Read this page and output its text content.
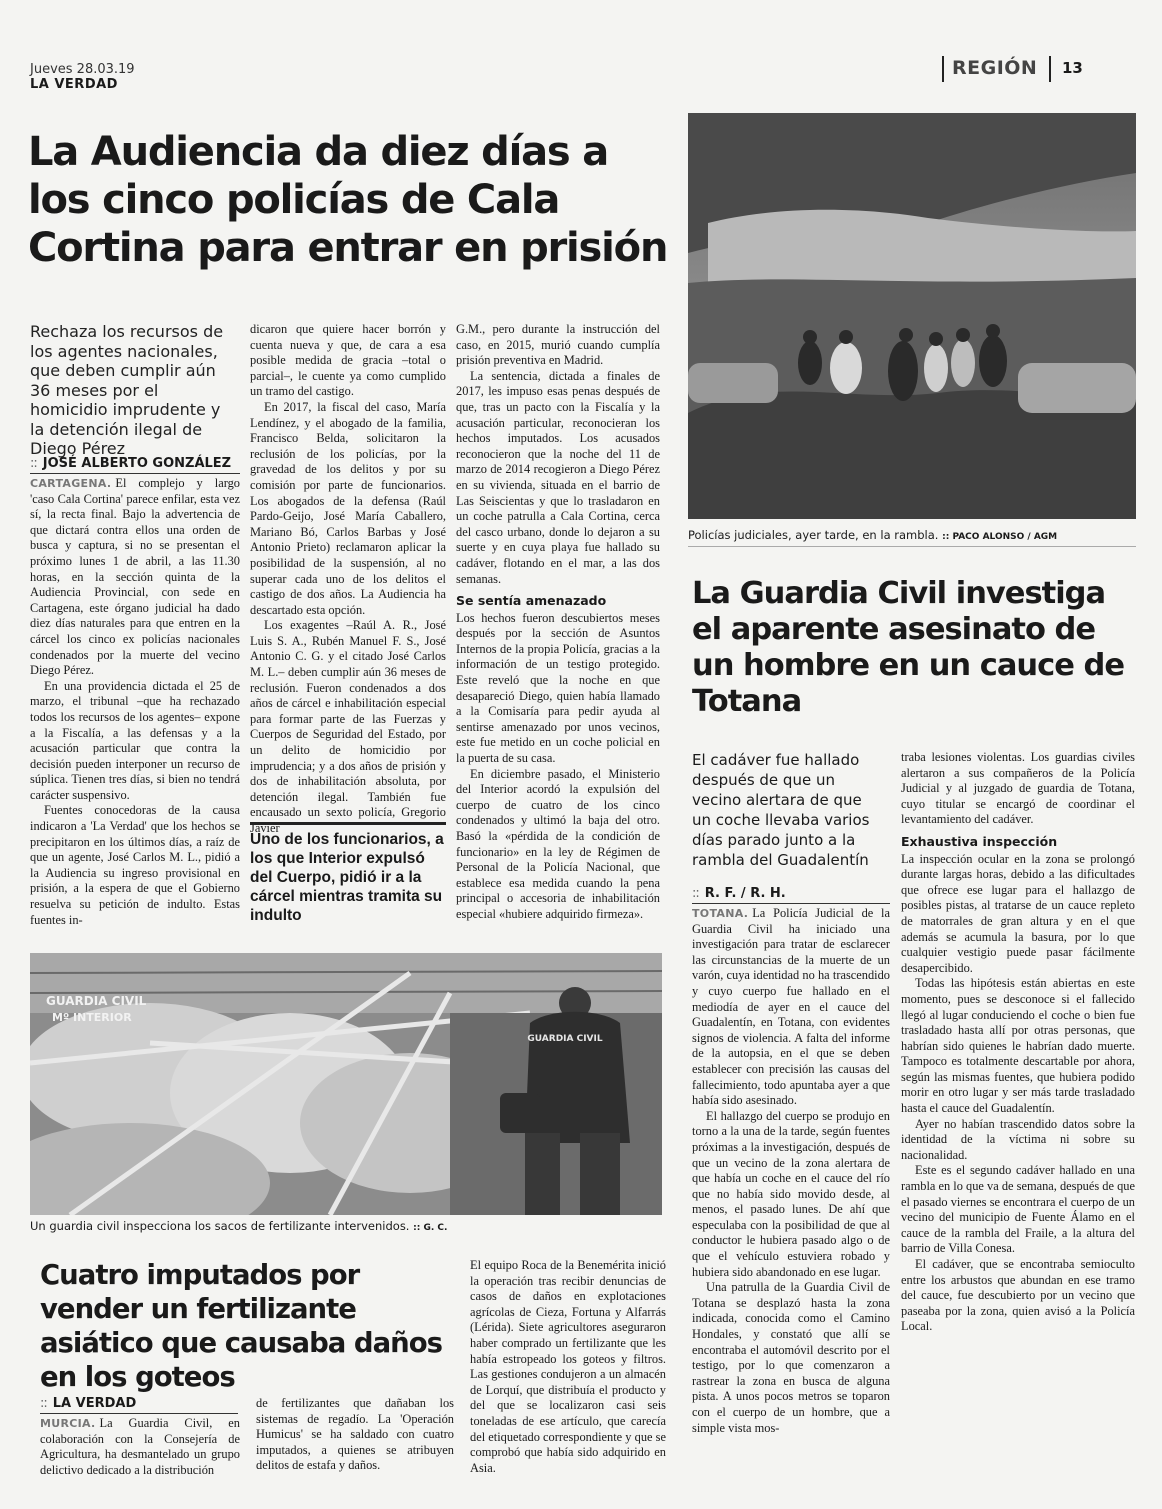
Jueves 28.03.19
LA VERDAD
REGIÓN 13
La Audiencia da diez días a los cinco policías de Cala Cortina para entrar en prisión
Rechaza los recursos de los agentes nacionales, que deben cumplir aún 36 meses por el homicidio imprudente y la detención ilegal de Diego Pérez
:: JOSÉ ALBERTO GONZÁLEZ

CARTAGENA. El complejo y largo 'caso Cala Cortina' parece enfilar, esta vez sí, la recta final. Bajo la advertencia de que dictará contra ellos una orden de busca y captura, si no se presentan el próximo lunes 1 de abril, a las 11.30 horas, en la sección quinta de la Audiencia Provincial, con sede en Cartagena, este órgano judicial ha dado diez días naturales para que entren en la cárcel los cinco ex policías nacionales condenados por la muerte del vecino Diego Pérez.

En una providencia dictada el 25 de marzo, el tribunal –que ha rechazado todos los recursos de los agentes– expone a la Fiscalía, a las defensas y a la acusación particular que contra la decisión pueden interponer un recurso de súplica. Tienen tres días, si bien no tendrá carácter suspensivo.

Fuentes conocedoras de la causa indicaron a 'La Verdad' que los hechos se precipitaron en los últimos días, a raíz de que un agente, José Carlos M. L., pidió a la Audiencia su ingreso provisional en prisión, a la espera de que el Gobierno resuelva su petición de indulto. Estas fuentes in-

dicaron que quiere hacer borrón y cuenta nueva y que, de cara a esa posible medida de gracia –total o parcial–, le cuente ya como cumplido un tramo del castigo.

En 2017, la fiscal del caso, María Lendínez, y el abogado de la familia, Francisco Belda, solicitaron la reclusión de los policías, por la gravedad de los delitos y por su comisión por parte de funcionarios. Los abogados de la defensa (Raúl Pardo-Geijo, José María Caballero, Mariano Bó, Carlos Barbas y José Antonio Prieto) reclamaron aplicar la posibilidad de la suspensión, al no superar cada uno de los delitos el castigo de dos años. La Audiencia ha descartado esta opción.

Los exagentes –Raúl A. R., José Luis S. A., Rubén Manuel F. S., José Antonio C. G. y el citado José Carlos M. L.– deben cumplir aún 36 meses de reclusión. Fueron condenados a dos años de cárcel e inhabilitación especial para formar parte de las Fuerzas y Cuerpos de Seguridad del Estado, por un delito de homicidio por imprudencia; y a dos años de prisión y dos de inhabilitación absoluta, por detención ilegal. También fue encausado un sexto policía, Gregorio Javier

Uno de los funcionarios, a los que Interior expulsó del Cuerpo, pidió ir a la cárcel mientras tramita su indulto

G.M., pero durante la instrucción del caso, en 2015, murió cuando cumplía prisión preventiva en Madrid.

La sentencia, dictada a finales de 2017, les impuso esas penas después de que, tras un pacto con la Fiscalía y la acusación particular, reconocieran los hechos imputados. Los acusados reconocieron que la noche del 11 de marzo de 2014 recogieron a Diego Pérez en su vivienda, situada en el barrio de Las Seiscientas y que lo trasladaron en un coche patrulla a Cala Cortina, cerca del casco urbano, donde lo dejaron a su suerte y en cuya playa fue hallado su cadáver, flotando en el mar, a las dos semanas.

Se sentía amenazado

Los hechos fueron descubiertos meses después por la sección de Asuntos Internos de la propia Policía, gracias a la información de un testigo protegido. Este reveló que la noche en que desapareció Diego, quien había llamado a la Comisaría para pedir ayuda al sentirse amenazado por unos vecinos, este fue metido en un coche policial en la puerta de su casa.

En diciembre pasado, el Ministerio del Interior acordó la expulsión del cuerpo de cuatro de los cinco condenados y ultimó la baja del otro. Basó la «pérdida de la condición de funcionario» en la ley de Régimen de Personal de la Policía Nacional, que establece esa medida cuando la pena principal o accesoria de inhabilitación especial «hubiere adquirido firmeza».

Policías judiciales, ayer tarde, en la rambla. :: PACO ALONSO / AGM
La Guardia Civil investiga el aparente asesinato de un hombre en un cauce de Totana
El cadáver fue hallado después de que un vecino alertara de que un coche llevaba varios días parado junto a la rambla del Guadalentín
:: R. F. / R. H.

TOTANA. La Policía Judicial de la Guardia Civil ha iniciado una investigación para tratar de esclarecer las circunstancias de la muerte de un varón, cuya identidad no ha trascendido y cuyo cuerpo fue hallado en el mediodía de ayer en el cauce del Guadalentín, en Totana, con evidentes signos de violencia. A falta del informe de la autopsia, en el que se deben establecer con precisión las causas del fallecimiento, todo apuntaba ayer a que había sido asesinado.

El hallazgo del cuerpo se produjo en torno a la una de la tarde, según fuentes próximas a la investigación, después de que un vecino de la zona alertara de que había un coche en el cauce del río que no había sido movido desde, al menos, el pasado lunes. De ahí que especulaba con la posibilidad de que al conductor le hubiera pasado algo o de que el vehículo estuviera robado y hubiera sido abandonado en ese lugar.

Una patrulla de la Guardia Civil de Totana se desplazó hasta la zona indicada, conocida como el Camino Hondales, y constató que allí se encontraba el automóvil descrito por el testigo, por lo que comenzaron a rastrear la zona en busca de alguna pista. A unos pocos metros se toparon con el cuerpo de un hombre, que a simple vista mos-

traba lesiones violentas. Los guardias civiles alertaron a sus compañeros de la Policía Judicial y al juzgado de guardia de Totana, cuyo titular se encargó de coordinar el levantamiento del cadáver.

Exhaustiva inspección

La inspección ocular en la zona se prolongó durante largas horas, debido a las dificultades que ofrece ese lugar para el hallazgo de posibles pistas, al tratarse de un cauce repleto de matorrales de gran altura y en el que además se acumula la basura, por lo que cualquier vestigio puede pasar fácilmente desapercibido.

Todas las hipótesis están abiertas en este momento, pues se desconoce si el fallecido llegó al lugar conduciendo el coche o bien fue trasladado hasta allí por otras personas, que habrían sido quienes le habrían dado muerte. Tampoco es totalmente descartable por ahora, según las mismas fuentes, que hubiera podido morir en otro lugar y ser más tarde trasladado hasta el cauce del Guadalentín.

Ayer no habían trascendido datos sobre la identidad de la víctima ni sobre su nacionalidad.

Este es el segundo cadáver hallado en una rambla en lo que va de semana, después de que el pasado viernes se encontrara el cuerpo de un vecino del municipio de Fuente Álamo en el cauce de la rambla del Fraile, a la altura del barrio de Villa Conesa.

El cadáver, que se encontraba semioculto entre los arbustos que abundan en ese tramo del cauce, fue descubierto por un vecino que paseaba por la zona, quien avisó a la Policía Local.

GUARDIA CIVIL
GUARDIA CIVIL
Mº INTERIOR
Un guardia civil inspecciona los sacos de fertilizante intervenidos. :: G. C.
Cuatro imputados por vender un fertilizante asiático que causaba daños en los goteos
:: LA VERDAD

MURCIA. La Guardia Civil, en colaboración con la Consejería de Agricultura, ha desmantelado un grupo delictivo dedicado a la distribución

de fertilizantes que dañaban los sistemas de regadío. La 'Operación Humicus' se ha saldado con cuatro imputados, a quienes se atribuyen delitos de estafa y daños.

El equipo Roca de la Benemérita inició la operación tras recibir denuncias de casos de daños en explotaciones agrícolas de Cieza, Fortuna y Alfarrás (Lérida). Siete agricultores aseguraron haber comprado un fertilizante que les había estropeado los goteos y filtros. Las gestiones condujeron a un almacén de Lorquí, que distribuía el producto y del que se localizaron casi seis toneladas de ese artículo, que carecía del etiquetado correspondiente y que se comprobó que había sido adquirido en Asia.
